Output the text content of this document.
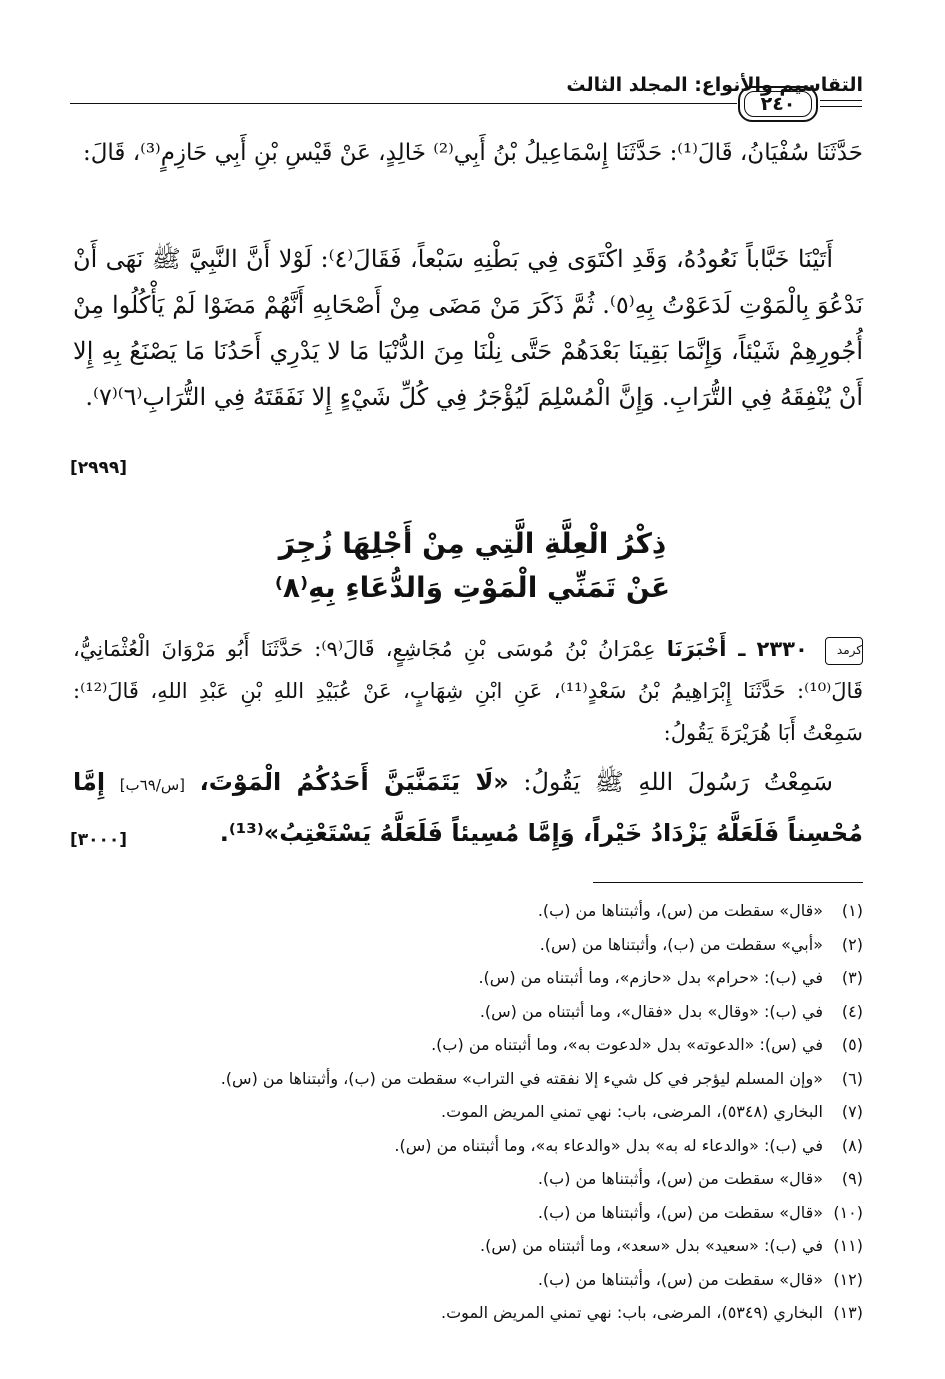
التقاسيم والأنواع: المجلد الثالث
٢٤٠
حَدَّثَنَا سُفْيَانُ، قَالَ⁽¹⁾: حَدَّثَنَا إِسْمَاعِيلُ بْنُ أَبِي⁽²⁾ خَالِدٍ، عَنْ قَيْسِ بْنِ أَبِي حَازِمٍ⁽³⁾، قَالَ:
أَتَيْنَا خَبَّاباً نَعُودُهُ، وَقَدِ اكْتَوَى فِي بَطْنِهِ سَبْعاً، فَقَالَ⁽٤⁾: لَوْلا أَنَّ النَّبِيَّ ﷺ نَهَى أَنْ نَدْعُوَ بِالْمَوْتِ لَدَعَوْتُ بِهِ⁽٥⁾. ثُمَّ ذَكَرَ مَنْ مَضَى مِنْ أَصْحَابِهِ أَنَّهُمْ مَضَوْا لَمْ يَأْكُلُوا مِنْ أُجُورِهِمْ شَيْئاً، وَإِنَّمَا بَقِينَا بَعْدَهُمْ حَتَّى نِلْنَا مِنَ الدُّنْيَا مَا لا يَدْرِي أَحَدُنَا مَا يَصْنَعُ بِهِ إِلا أَنْ يُنْفِقَهُ فِي التُّرَابِ. وَإِنَّ الْمُسْلِمَ لَيُؤْجَرُ فِي كُلِّ شَيْءٍ إِلا نَفَقَتَهُ فِي التُّرَابِ⁽٦⁾⁽٧⁾.
[٢٩٩٩]
ذِكْرُ الْعِلَّةِ الَّتِي مِنْ أَجْلِهَا زُجِرَ
عَنْ تَمَنِّي الْمَوْتِ وَالدُّعَاءِ بِهِ⁽٨⁾
كرمد ٢٣٣٠ ـ أَخْبَرَنَا عِمْرَانُ بْنُ مُوسَى بْنِ مُجَاشِعٍ، قَالَ⁽٩⁾: حَدَّثَنَا أَبُو مَرْوَانَ الْعُثْمَانِيُّ، قَالَ⁽¹⁰⁾: حَدَّثَنَا إِبْرَاهِيمُ بْنُ سَعْدٍ⁽¹¹⁾، عَنِ ابْنِ شِهَابٍ، عَنْ عُبَيْدِ اللهِ بْنِ عَبْدِ اللهِ، قَالَ⁽¹²⁾: سَمِعْتُ أَبَا هُرَيْرَةَ يَقُولُ:
سَمِعْتُ رَسُولَ اللهِ ﷺ يَقُولُ: «لَا يَتَمَنَّيَنَّ أَحَدُكُمُ الْمَوْتَ، [س/٦٩ب] إِمَّا مُحْسِناً فَلَعَلَّهُ يَزْدَادُ خَيْراً، وَإِمَّا مُسِيئاً فَلَعَلَّهُ يَسْتَعْتِبُ»⁽¹³⁾.
[٣٠٠٠]
(١)
«قال» سقطت من (س)، وأثبتناها من (ب).
(٢)
«أبي» سقطت من (ب)، وأثبتناها من (س).
(٣)
في (ب): «حرام» بدل «حازم»، وما أثبتناه من (س).
(٤)
في (ب): «وقال» بدل «فقال»، وما أثبتناه من (س).
(٥)
في (س): «الدعوته» بدل «لدعوت به»، وما أثبتناه من (ب).
(٦)
«وإن المسلم ليؤجر في كل شيء إلا نفقته في التراب» سقطت من (ب)، وأثبتناها من (س).
(٧)
البخاري (٥٣٤٨)، المرضى، باب: نهي تمني المريض الموت.
(٨)
في (ب): «والدعاء له به» بدل «والدعاء به»، وما أثبتناه من (س).
(٩)
«قال» سقطت من (س)، وأثبتناها من (ب).
(١٠)
«قال» سقطت من (س)، وأثبتناها من (ب).
(١١)
في (ب): «سعيد» بدل «سعد»، وما أثبتناه من (س).
(١٢)
«قال» سقطت من (س)، وأثبتناها من (ب).
(١٣)
البخاري (٥٣٤٩)، المرضى، باب: نهي تمني المريض الموت.
